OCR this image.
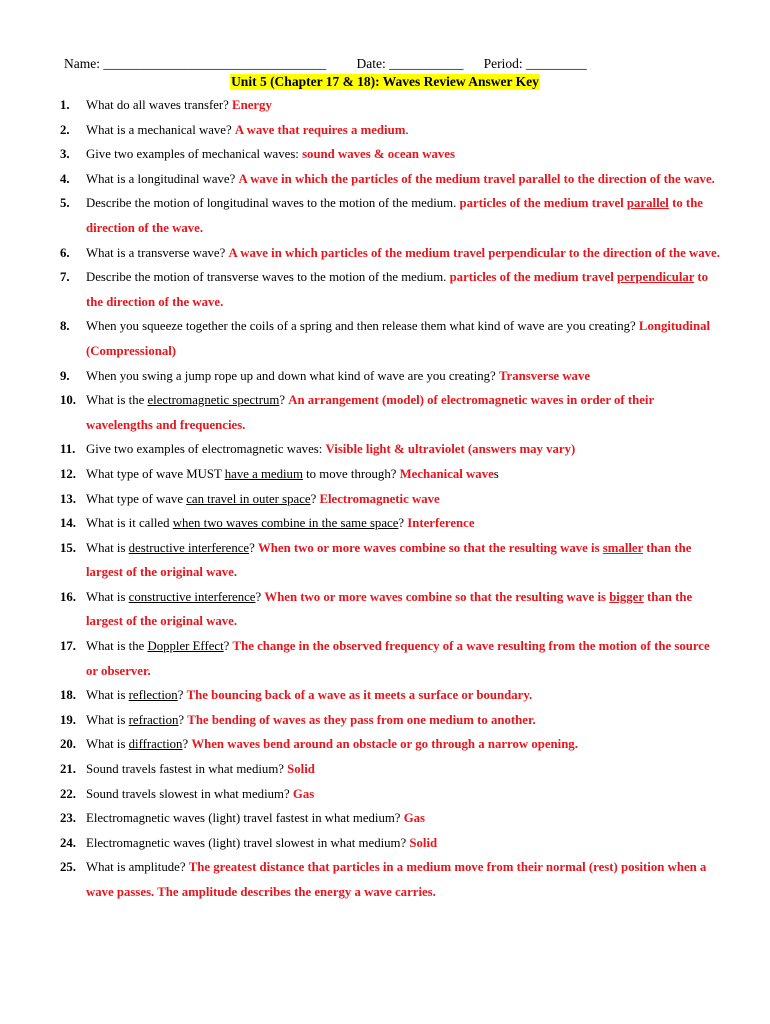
Name: _________________________________ Date: ___________ Period: _________
Unit 5 (Chapter 17 & 18): Waves Review Answer Key
1. What do all waves transfer? Energy
2. What is a mechanical wave? A wave that requires a medium.
3. Give two examples of mechanical waves: sound waves & ocean waves
4. What is a longitudinal wave? A wave in which the particles of the medium travel parallel to the direction of the wave.
5. Describe the motion of longitudinal waves to the motion of the medium. particles of the medium travel parallel to the direction of the wave.
6. What is a transverse wave? A wave in which particles of the medium travel perpendicular to the direction of the wave.
7. Describe the motion of transverse waves to the motion of the medium. particles of the medium travel perpendicular to the direction of the wave.
8. When you squeeze together the coils of a spring and then release them what kind of wave are you creating? Longitudinal (Compressional)
9. When you swing a jump rope up and down what kind of wave are you creating? Transverse wave
10. What is the electromagnetic spectrum? An arrangement (model) of electromagnetic waves in order of their wavelengths and frequencies.
11. Give two examples of electromagnetic waves: Visible light & ultraviolet (answers may vary)
12. What type of wave MUST have a medium to move through? Mechanical waves
13. What type of wave can travel in outer space? Electromagnetic wave
14. What is it called when two waves combine in the same space? Interference
15. What is destructive interference? When two or more waves combine so that the resulting wave is smaller than the largest of the original wave.
16. What is constructive interference? When two or more waves combine so that the resulting wave is bigger than the largest of the original wave.
17. What is the Doppler Effect? The change in the observed frequency of a wave resulting from the motion of the source or observer.
18. What is reflection? The bouncing back of a wave as it meets a surface or boundary.
19. What is refraction? The bending of waves as they pass from one medium to another.
20. What is diffraction? When waves bend around an obstacle or go through a narrow opening.
21. Sound travels fastest in what medium? Solid
22. Sound travels slowest in what medium? Gas
23. Electromagnetic waves (light) travel fastest in what medium? Gas
24. Electromagnetic waves (light) travel slowest in what medium? Solid
25. What is amplitude? The greatest distance that particles in a medium move from their normal (rest) position when a wave passes. The amplitude describes the energy a wave carries.
